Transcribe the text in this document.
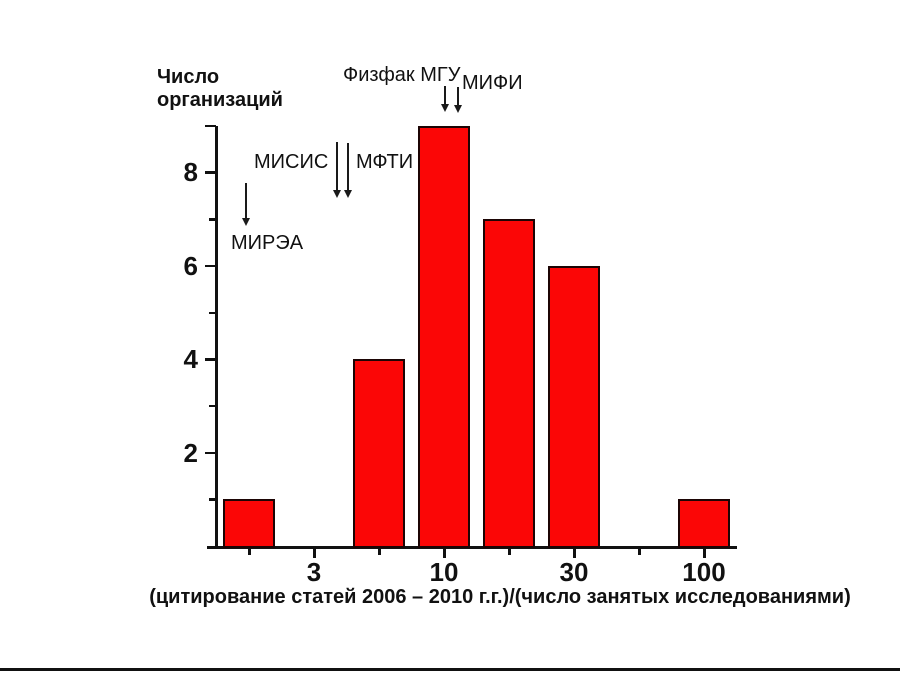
Число
организаций
2
4
6
8
3	10	30	100
Физфак МГУ МИФИ
МИСИС МФТИ
МИРЭА
(цитирование статей 2006 – 2010 г.г.)/(число занятых исследованиями)
